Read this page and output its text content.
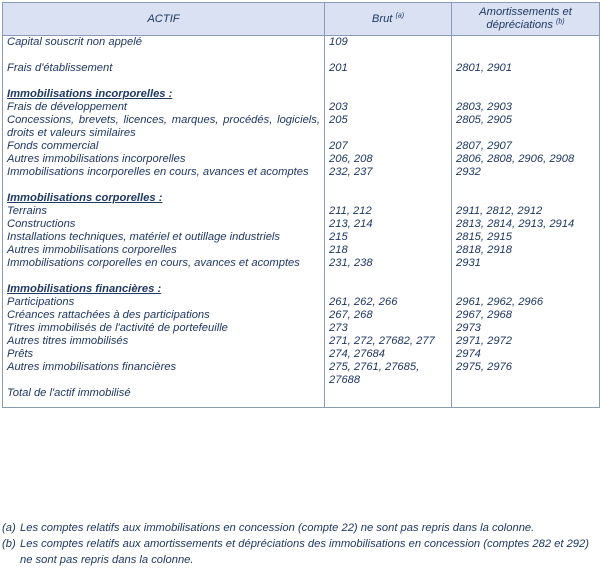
ACTIF	Brut $^{(a)}$	Amortissements et dépréciations $^{(b)}$
Capital souscrit non appelé	109	

Frais d'établissement	201	2801, 2901

Immobilisations incorporelles :		
Frais de développement	203	2803, 2903
Concessions, brevets, licences, marques, procédés, logiciels, droits et valeurs similaires	205	2805, 2905
Fonds commercial	207	2807, 2907
Autres immobilisations incorporelles	206, 208	2806, 2808, 2906, 2908
Immobilisations incorporelles en cours, avances et acomptes	232, 237	2932

Immobilisations corporelles :		
Terrains	211, 212	2911, 2812, 2912
Constructions	213, 214	2813, 2814, 2913, 2914
Installations techniques, matériel et outillage industriels	215	2815, 2915
Autres immobilisations corporelles	218	2818, 2918
Immobilisations corporelles en cours, avances et acomptes	231, 238	2931

Immobilisations financières :		
Participations	261, 262, 266	2961, 2962, 2966
Créances rattachées à des participations	267, 268	2967, 2968
Titres immobilisés de l'activité de portefeuille	273	2973
Autres titres immobilisés	271, 272, 27682, 277	2971, 2972
Prêts	274, 27684	2974
Autres immobilisations financières	275, 2761, 27685, 27688	2975, 2976
Total de l'actif immobilisé		
(a) Les comptes relatifs aux immobilisations en concession (compte 22) ne sont pas repris dans la colonne.
(b) Les comptes relatifs aux amortissements et dépréciations des immobilisations en concession (comptes 282 et 292) ne sont pas repris dans la colonne.
